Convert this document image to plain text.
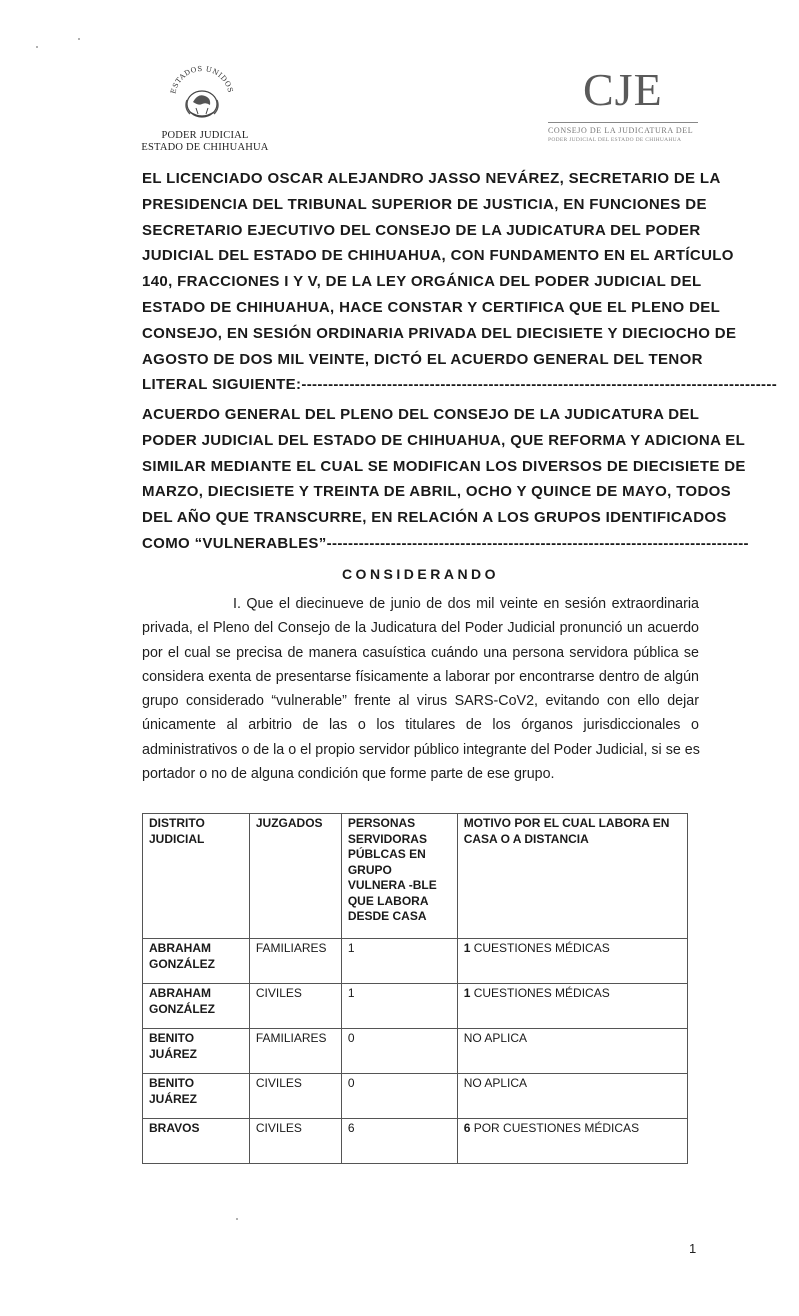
ESTADOS UNIDOS
PODER JUDICIAL
ESTADO DE CHIHUAHUA
CJE
CONSEJO DE LA JUDICATURA DEL
PODER JUDICIAL DEL ESTADO DE CHIHUAHUA
EL LICENCIADO OSCAR ALEJANDRO JASSO NEVÁREZ, SECRETARIO DE LA
PRESIDENCIA DEL TRIBUNAL SUPERIOR DE JUSTICIA, EN FUNCIONES DE
SECRETARIO EJECUTIVO DEL CONSEJO DE LA JUDICATURA DEL PODER
JUDICIAL DEL ESTADO DE CHIHUAHUA, CON FUNDAMENTO EN EL ARTÍCULO
140, FRACCIONES I Y V, DE LA LEY ORGÁNICA DEL PODER JUDICIAL DEL
ESTADO DE CHIHUAHUA, HACE CONSTAR Y CERTIFICA QUE EL PLENO DEL
CONSEJO, EN SESIÓN ORDINARIA PRIVADA DEL DIECISIETE Y DIECIOCHO DE
AGOSTO DE DOS MIL VEINTE, DICTÓ EL ACUERDO GENERAL DEL TENOR
LITERAL SIGUIENTE:-----------------------------------------------------------------------------------------
ACUERDO GENERAL DEL PLENO DEL CONSEJO DE LA JUDICATURA DEL
PODER JUDICIAL DEL ESTADO DE CHIHUAHUA, QUE REFORMA Y ADICIONA EL
SIMILAR MEDIANTE EL CUAL SE MODIFICAN LOS DIVERSOS DE DIECISIETE DE
MARZO, DIECISIETE Y TREINTA DE ABRIL, OCHO Y QUINCE DE MAYO, TODOS
DEL AÑO QUE TRANSCURRE, EN RELACIÓN A LOS GRUPOS IDENTIFICADOS
COMO “VULNERABLES”-------------------------------------------------------------------------------
CONSIDERANDO
I. Que el diecinueve de junio de dos mil veinte en sesión extraordinaria
privada, el Pleno del Consejo de la Judicatura del Poder Judicial pronunció un acuerdo
por el cual se precisa de manera casuística cuándo una persona servidora pública se
considera exenta de presentarse físicamente a laborar por encontrarse dentro de algún
grupo considerado “vulnerable” frente al virus SARS-CoV2, evitando con ello dejar
únicamente al arbitrio de las o los titulares de los órganos jurisdiccionales o
administrativos o de la o el propio servidor público integrante del Poder Judicial, si se es
portador o no de alguna condición que forme parte de ese grupo.
DISTRITO JUDICIAL	JUZGADOS	PERSONAS SERVIDORAS PÚBLCAS EN GRUPO VULNERA -BLE QUE LABORA DESDE CASA	MOTIVO POR EL CUAL LABORA EN CASA O A DISTANCIA
ABRAHAM GONZÁLEZ	FAMILIARES	1	1 CUESTIONES MÉDICAS
ABRAHAM GONZÁLEZ	CIVILES	1	1 CUESTIONES MÉDICAS
BENITO JUÁREZ	FAMILIARES	0	NO APLICA
BENITO JUÁREZ	CIVILES	0	NO APLICA
BRAVOS	CIVILES	6	6 POR CUESTIONES MÉDICAS
1
